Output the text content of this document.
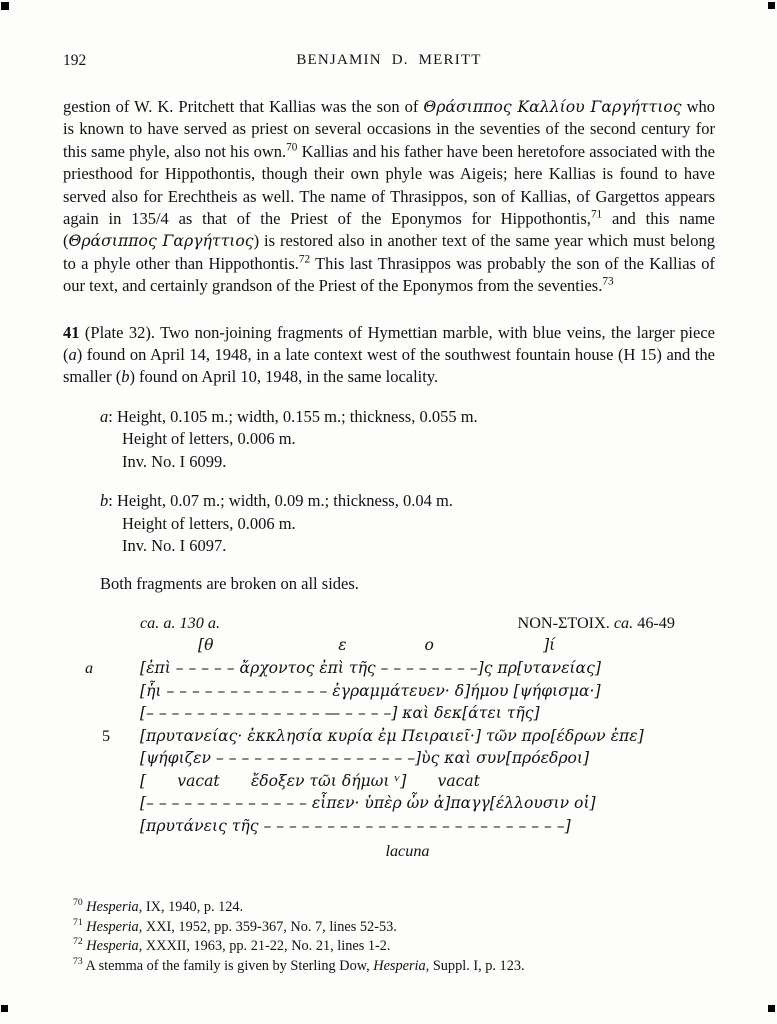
192	BENJAMIN D. MERITT

gestion of W. K. Pritchett that Kallias was the son of Θράσιππος Καλλίου Γαργήττιος who is known to have served as priest on several occasions in the seventies of the second century for this same phyle, also not his own.$^{70}$ Kallias and his father have been heretofore associated with the priesthood for Hippothontis, though their own phyle was Aigeis; here Kallias is found to have served also for Erechtheis as well. The name of Thrasippos, son of Kallias, of Gargettos appears again in 135/4 as that of the Priest of the Eponymos for Hippothontis,$^{71}$ and this name (Θράσιππος Γαργήττιος) is restored also in another text of the same year which must belong to a phyle other than Hippothontis.$^{72}$ This last Thrasippos was probably the son of the Kallias of our text, and certainly grandson of the Priest of the Eponymos from the seventies.$^{73}$

41 (Plate 32). Two non-joining fragments of Hymettian marble, with blue veins, the larger piece (a) found on April 14, 1948, in a late context west of the southwest fountain house (H 15) and the smaller (b) found on April 10, 1948, in the same locality.

a: Height, 0.105 m.; width, 0.155 m.; thickness, 0.055 m.
Height of letters, 0.006 m.
Inv. No. I 6099.
b: Height, 0.07 m.; width, 0.09 m.; thickness, 0.04 m.
Height of letters, 0.006 m.
Inv. No. I 6097.
Both fragments are broken on all sides.
ca. a. 130 a.	ΝΟΝ-ΣΤΟΙΧ. ca. 46-49
[θ        ε     ο       ]ί
a	[ἐπὶ – – – – – ἄρχοντος ἐπὶ τῆς – – – – – – – –]ς πρ[υτανείας]
[ἧι – – – – – – – – – – – – – ἐγραμμάτευεν· δ]ήμου [ψήφισμα·]
[– – – – – – – – – – – – – – — – – – –] καὶ δεκ[άτει τῆς]
5 [πρυτανείας· ἐκκλησία κυρία ἐμ Πειραιεῖ·] τῶν προ[έδρων ἐπε]
[ψήφιζεν – – – – – – – – – – – – – – – –]ὺς καὶ συν[πρόεδροι]
[  vacat  ἔδοξεν τῶι δήμωι ᵛ]  vacat
[– – – – – – – – – – – – – εἶπεν· ὑπὲρ ὧν ἀ]παγγ[έλλουσιν οἱ]
[πρυτάνεις τῆς – – – – – – – – – – – – – – – – – – – – – – – –]
lacuna
$^{70}$ Hesperia, IX, 1940, p. 124.
$^{71}$ Hesperia, XXI, 1952, pp. 359-367, No. 7, lines 52-53.
$^{72}$ Hesperia, XXXII, 1963, pp. 21-22, No. 21, lines 1-2.
$^{73}$ A stemma of the family is given by Sterling Dow, Hesperia, Suppl. I, p. 123.
